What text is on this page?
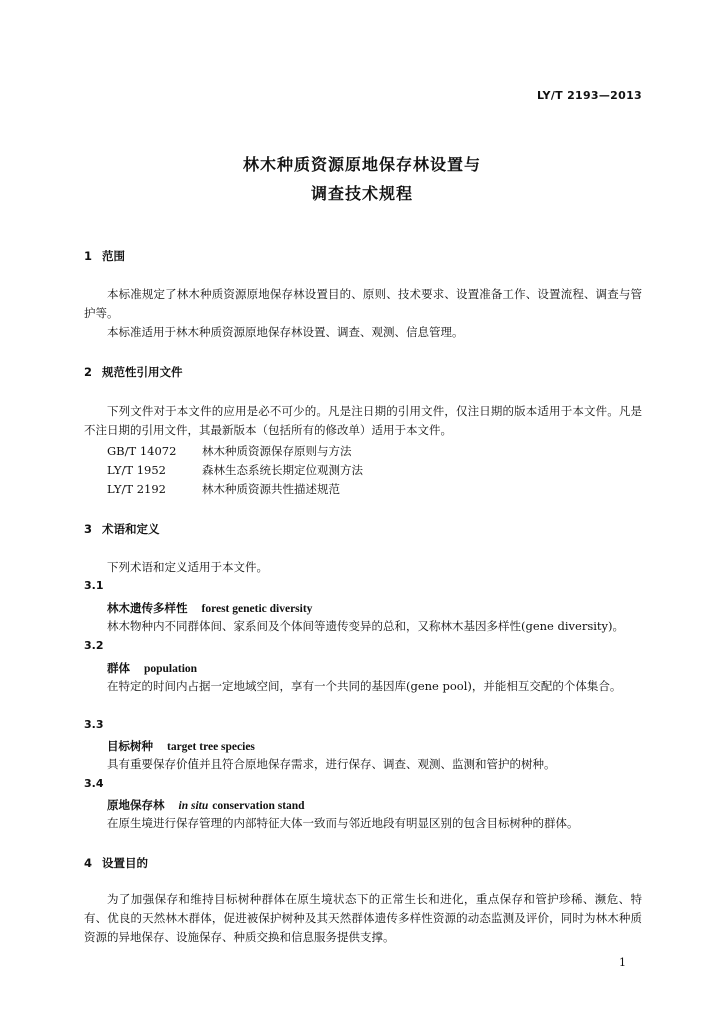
LY/T 2193—2013
林木种质资源原地保存林设置与
调查技术规程
1 范围
本标准规定了林木种质资源原地保存林设置目的、原则、技术要求、设置准备工作、设置流程、调查与管护等。
本标准适用于林木种质资源原地保存林设置、调查、观测、信息管理。
2 规范性引用文件
下列文件对于本文件的应用是必不可少的。凡是注日期的引用文件，仅注日期的版本适用于本文件。凡是不注日期的引用文件，其最新版本（包括所有的修改单）适用于本文件。
GB/T 14072 林木种质资源保存原则与方法
LY/T 1952	森林生态系统长期定位观测方法
LY/T 2192	林木种质资源共性描述规范
3 术语和定义
下列术语和定义适用于本文件。
3.1
林木遗传多样性 forest genetic diversity
林木物种内不同群体间、家系间及个体间等遗传变异的总和，又称林木基因多样性(gene diversity)。
3.2
群体 population
在特定的时间内占据一定地域空间，享有一个共同的基因库(gene pool)，并能相互交配的个体集合。
3.3
目标树种 target tree species
具有重要保存价值并且符合原地保存需求，进行保存、调查、观测、监测和管护的树种。
3.4
原地保存林 in situ conservation stand
在原生境进行保存管理的内部特征大体一致而与邻近地段有明显区别的包含目标树种的群体。
4 设置目的
为了加强保存和维持目标树种群体在原生境状态下的正常生长和进化，重点保存和管护珍稀、濒危、特有、优良的天然林木群体，促进被保护树种及其天然群体遗传多样性资源的动态监测及评价，同时为林木种质资源的异地保存、设施保存、种质交换和信息服务提供支撑。
1
